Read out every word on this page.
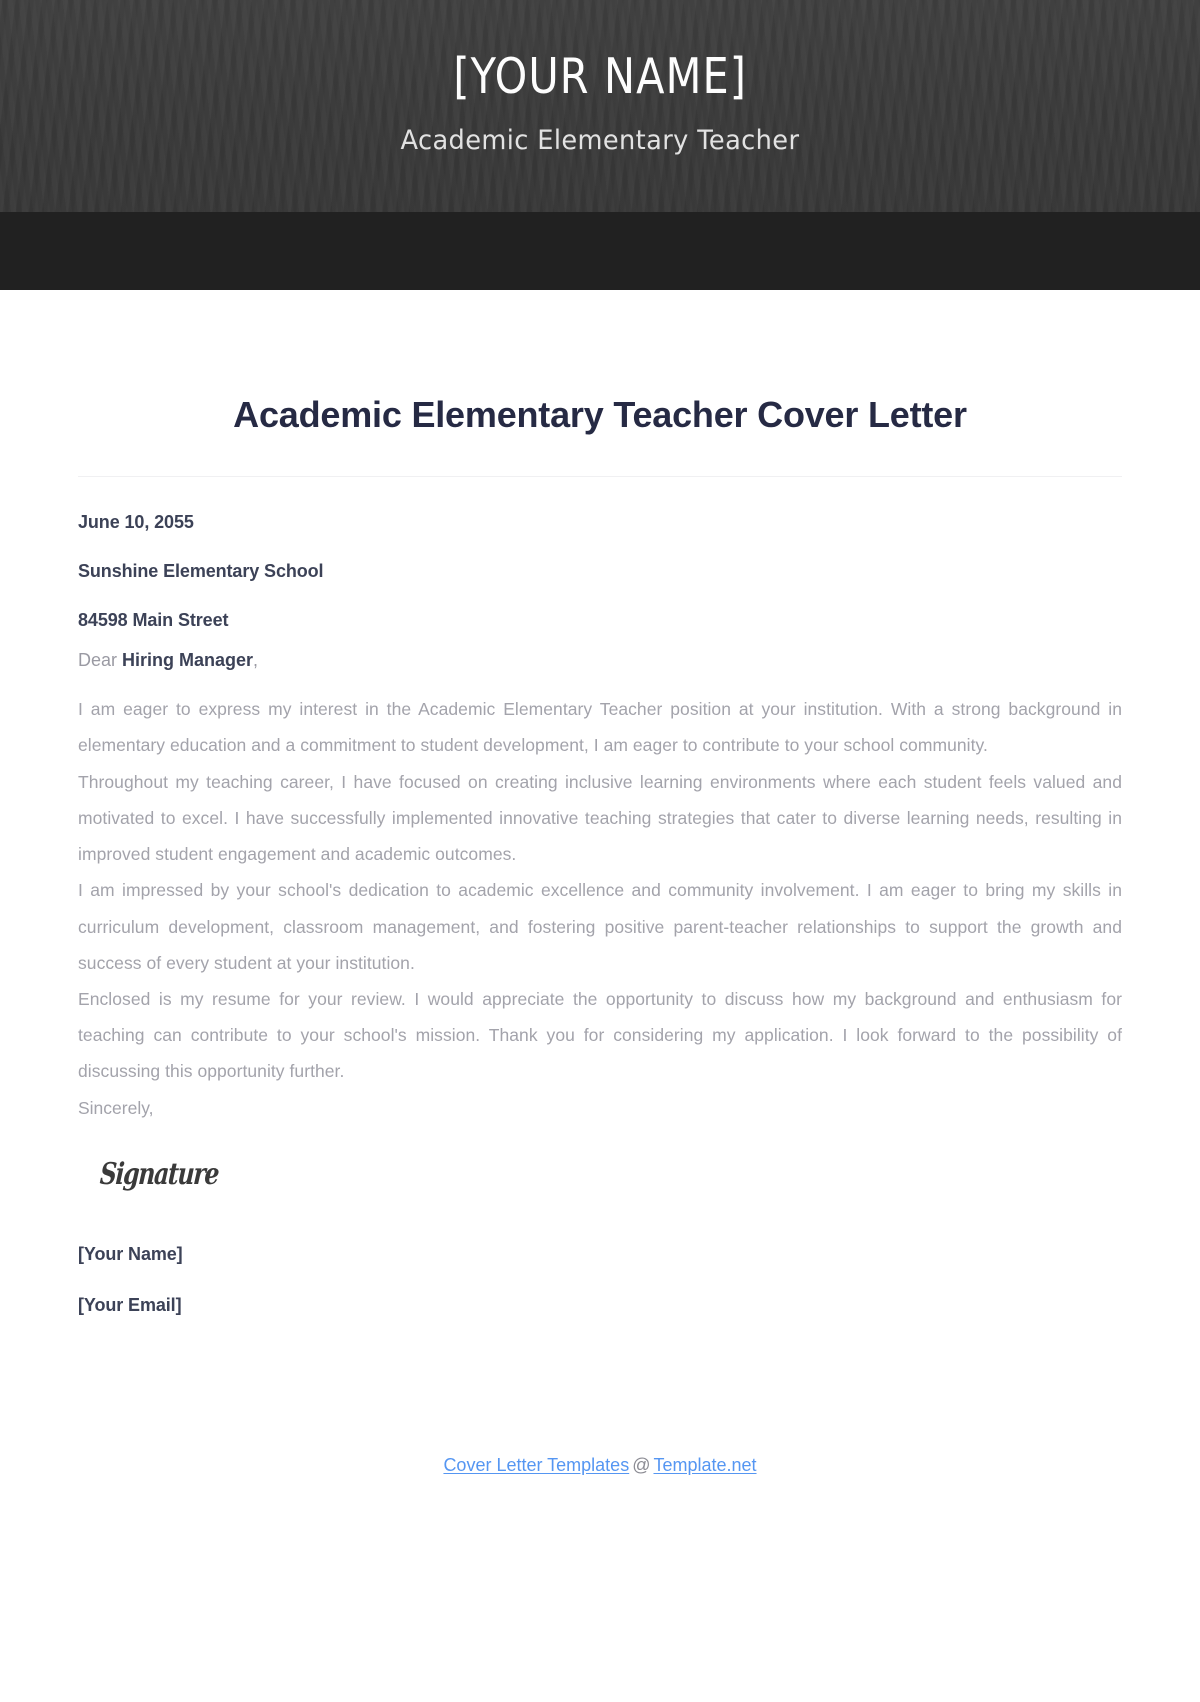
[YOUR NAME]
Academic Elementary Teacher
Academic Elementary Teacher Cover Letter
June 10, 2055
Sunshine Elementary School
84598 Main Street
Dear Hiring Manager,

I am eager to express my interest in the Academic Elementary Teacher position at your institution. With a strong background in elementary education and a commitment to student development, I am eager to contribute to your school community.

Throughout my teaching career, I have focused on creating inclusive learning environments where each student feels valued and motivated to excel. I have successfully implemented innovative teaching strategies that cater to diverse learning needs, resulting in improved student engagement and academic outcomes.

I am impressed by your school's dedication to academic excellence and community involvement. I am eager to bring my skills in curriculum development, classroom management, and fostering positive parent-teacher relationships to support the growth and success of every student at your institution.

Enclosed is my resume for your review. I would appreciate the opportunity to discuss how my background and enthusiasm for teaching can contribute to your school's mission. Thank you for considering my application. I look forward to the possibility of discussing this opportunity further.

Sincerely,

Signature
[Your Name]
[Your Email]
Cover Letter Templates @ Template.net
